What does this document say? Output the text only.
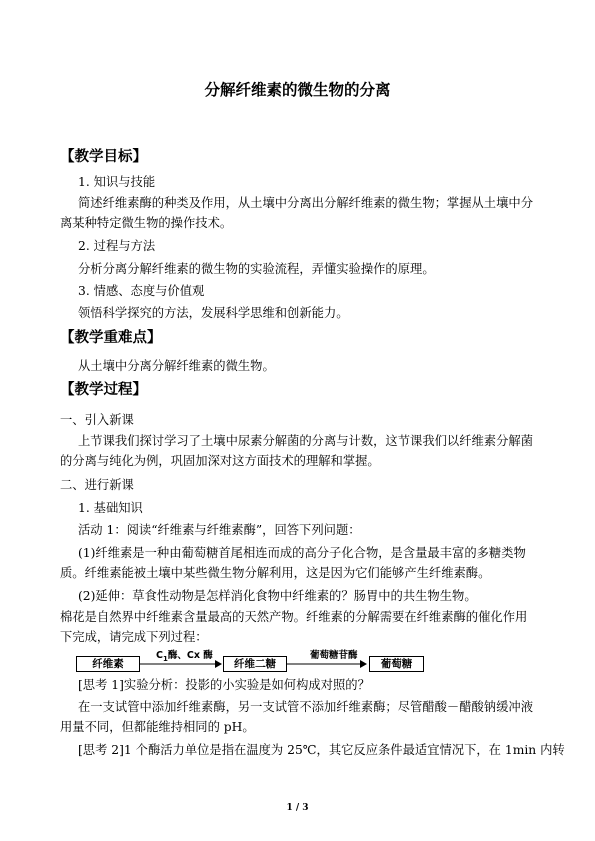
分解纤维素的微生物的分离
【教学目标】
1. 知识与技能
简述纤维素酶的种类及作用，从土壤中分离出分解纤维素的微生物；掌握从土壤中分离某种特定微生物的操作技术。
2. 过程与方法
分析分离分解纤维素的微生物的实验流程，弄懂实验操作的原理。
3. 情感、态度与价值观
领悟科学探究的方法，发展科学思维和创新能力。
【教学重难点】
从土壤中分离分解纤维素的微生物。
【教学过程】
一、引入新课
上节课我们探讨学习了土壤中尿素分解菌的分离与计数，这节课我们以纤维素分解菌的分离与纯化为例，巩固加深对这方面技术的理解和掌握。
二、进行新课
1. 基础知识
活动 1：阅读“纤维素与纤维素酶”，回答下列问题：
(1)纤维素是一种由葡萄糖首尾相连而成的高分子化合物，是含量最丰富的多糖类物质。纤维素能被土壤中某些微生物分解利用，这是因为它们能够产生纤维素酶。
(2)延伸：草食性动物是怎样消化食物中纤维素的？肠胃中的共生物生物。
棉花是自然界中纤维素含量最高的天然产物。纤维素的分解需要在纤维素酶的催化作用下完成，请完成下列过程：
纤维素
$C_1$酶、Cx 酶
纤维二糖
葡萄糖苷酶
葡萄糖
[思考 1]实验分析：投影的小实验是如何构成对照的？
在一支试管中添加纤维素酶，另一支试管不添加纤维素酶；尽管醋酸－醋酸钠缓冲液用量不同，但都能维持相同的 pH。
[思考 2]1 个酶活力单位是指在温度为 25℃，其它反应条件最适宜情况下，在 1min 内转
1 / 3
